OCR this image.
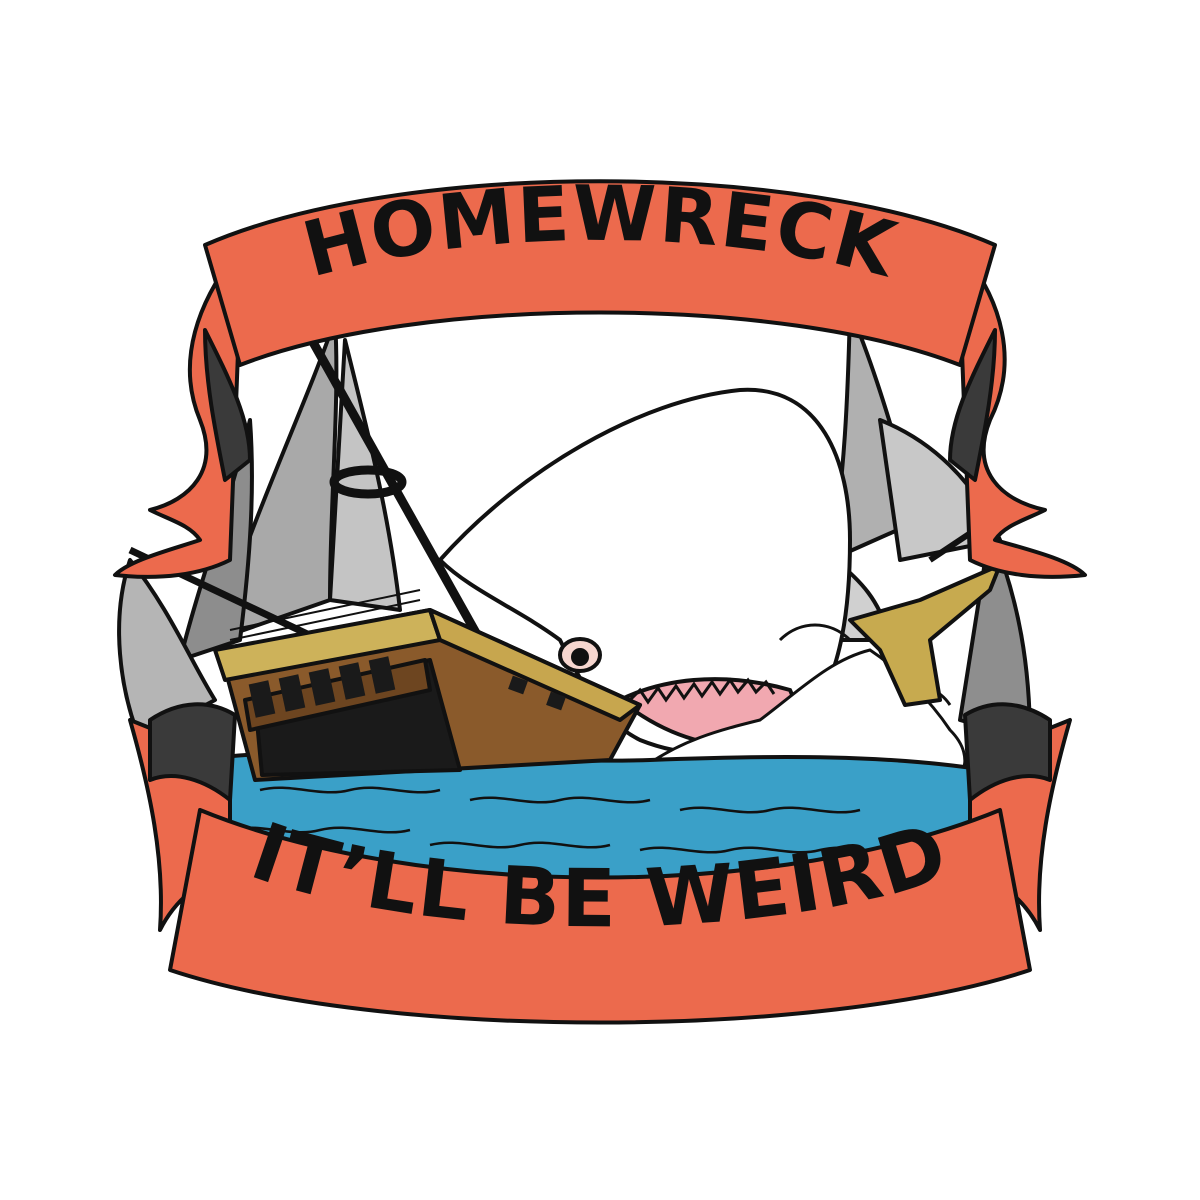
HOMEWRECK
IT’LL BE WEIRD
